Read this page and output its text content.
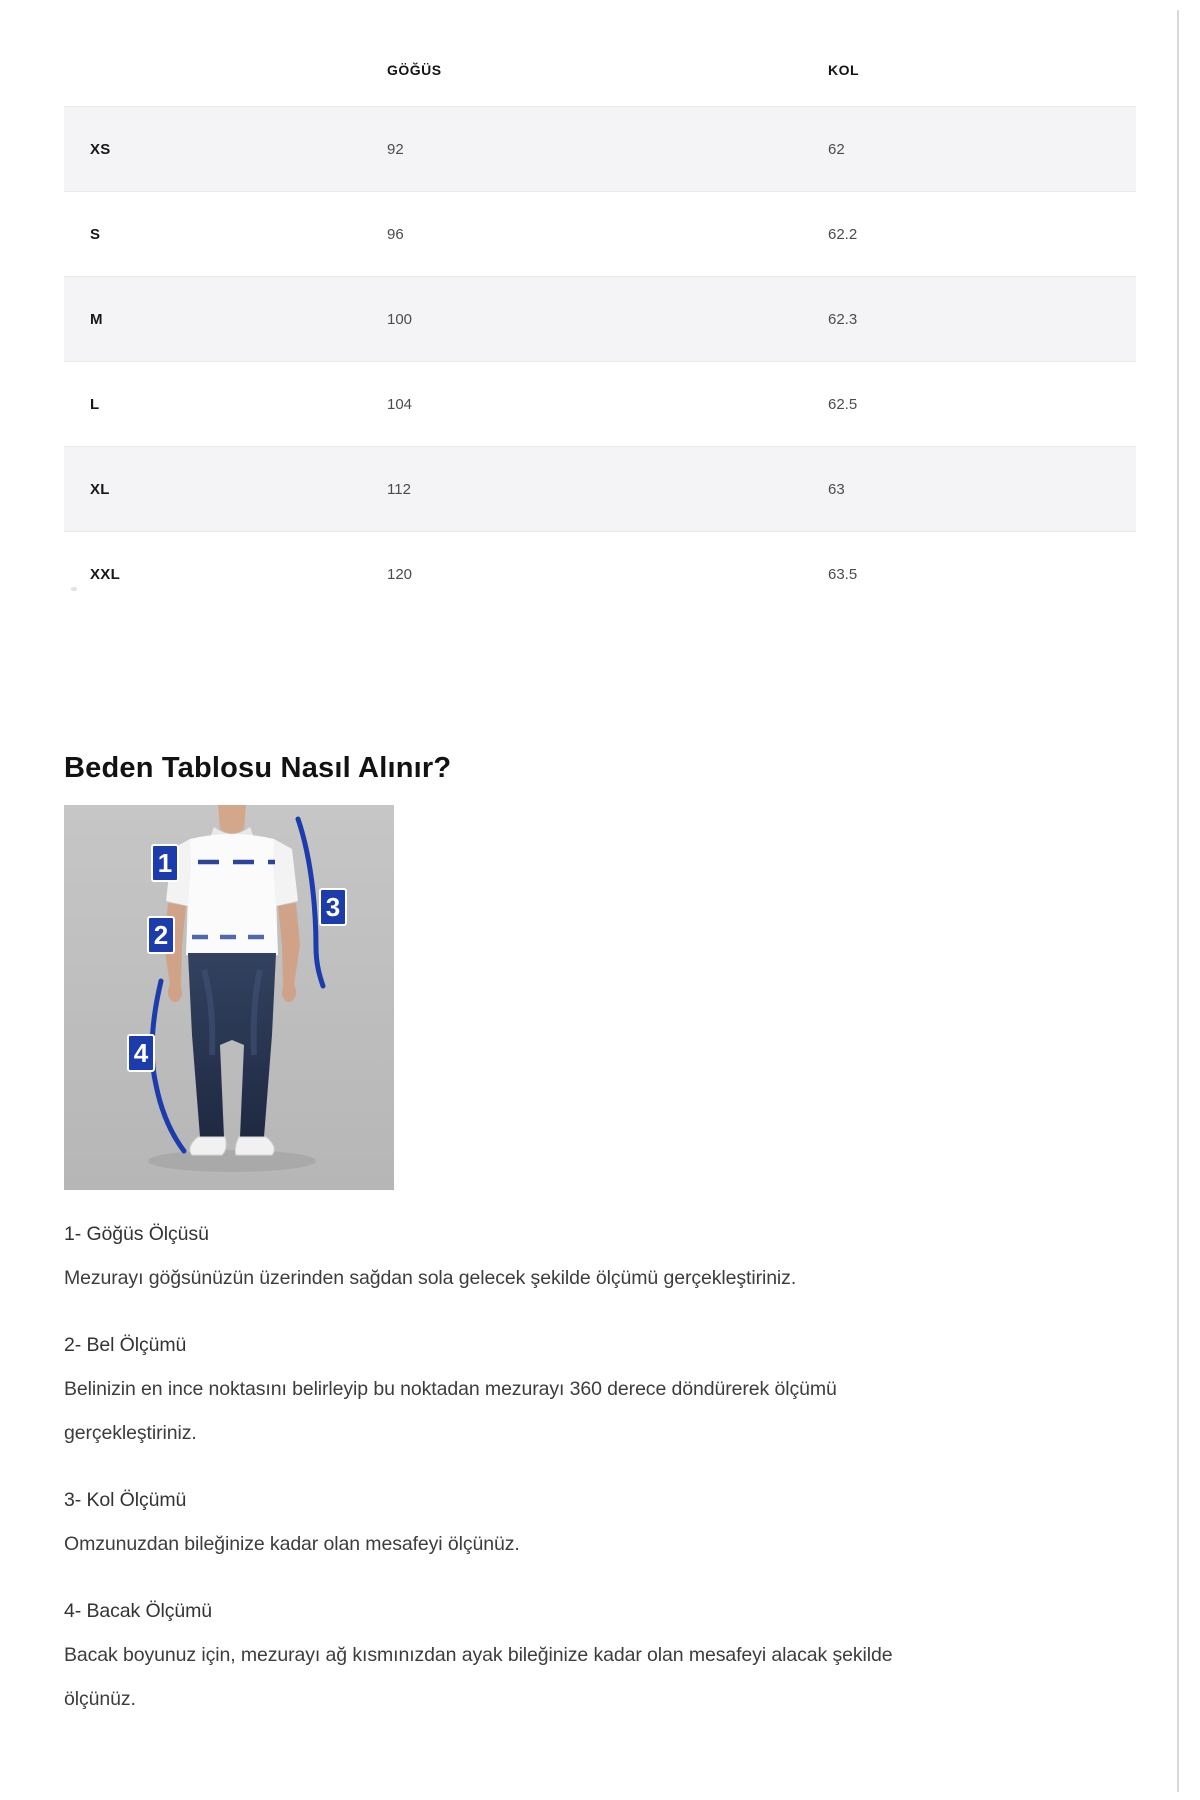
	GÖĞÜS	KOL
XS	92	62
S	96	62.2
M	100	62.3
L	104	62.5
XL	112	63
XXL	120	63.5
Beden Tablosu Nasıl Alınır?
1
2
3
4

1- Göğüs Ölçüsü

Mezurayı göğsünüzün üzerinden sağdan sola gelecek şekilde ölçümü gerçekleştiriniz.

2- Bel Ölçümü

Belinizin en ince noktasını belirleyip bu noktadan mezurayı 360 derece döndürerek ölçümü gerçekleştiriniz.

3- Kol Ölçümü

Omzunuzdan bileğinize kadar olan mesafeyi ölçünüz.

4- Bacak Ölçümü

Bacak boyunuz için, mezurayı ağ kısmınızdan ayak bileğinize kadar olan mesafeyi alacak şekilde ölçünüz.
